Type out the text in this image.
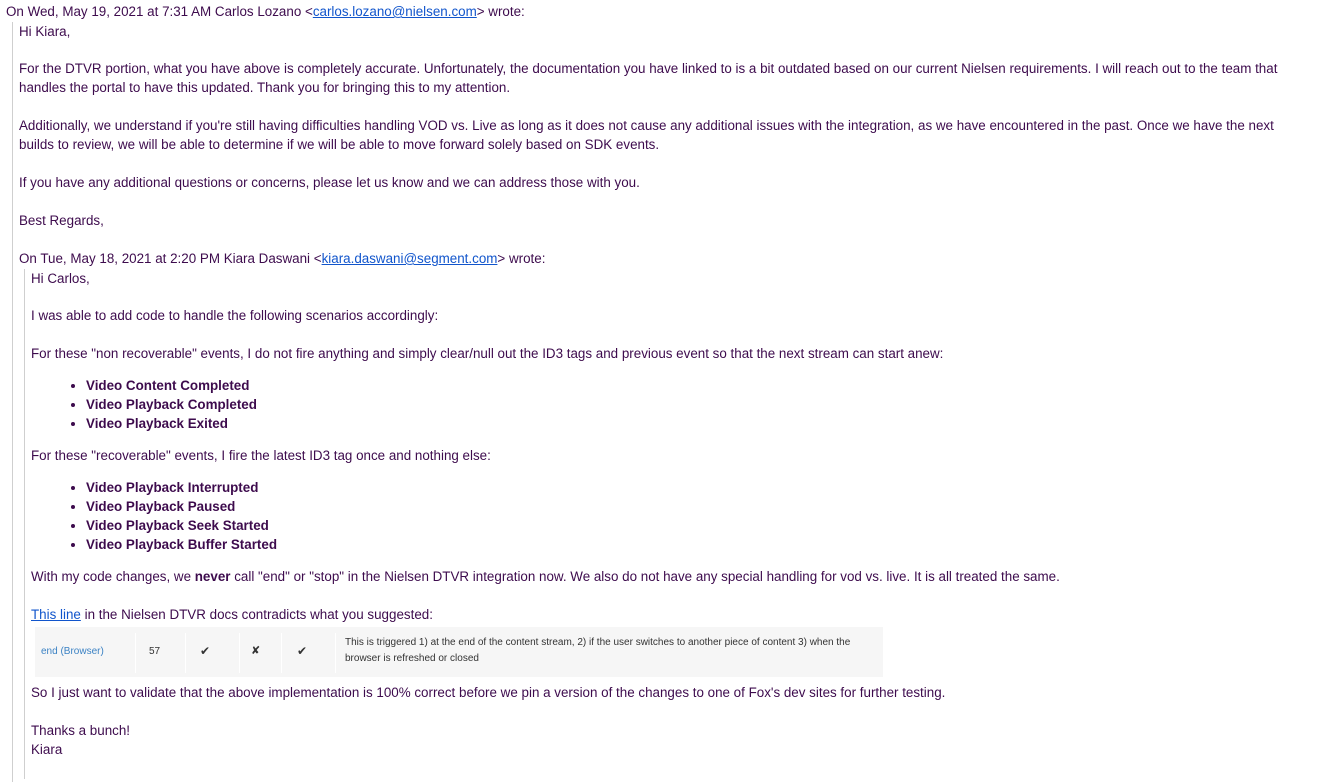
On Wed, May 19, 2021 at 7:31 AM Carlos Lozano <carlos.lozano@nielsen.com> wrote:
Hi Kiara,
For the DTVR portion, what you have above is completely accurate. Unfortunately, the documentation you have linked to is a bit outdated based on our current Nielsen requirements. I will reach out to the team that handles the portal to have this updated. Thank you for bringing this to my attention.
Additionally, we understand if you're still having difficulties handling VOD vs. Live as long as it does not cause any additional issues with the integration, as we have encountered in the past. Once we have the next builds to review, we will be able to determine if we will be able to move forward solely based on SDK events.
If you have any additional questions or concerns, please let us know and we can address those with you.
Best Regards,
On Tue, May 18, 2021 at 2:20 PM Kiara Daswani <kiara.daswani@segment.com> wrote:
Hi Carlos,
I was able to add code to handle the following scenarios accordingly:
For these "non recoverable" events, I do not fire anything and simply clear/null out the ID3 tags and previous event so that the next stream can start anew:
• Video Content Completed
• Video Playback Completed
• Video Playback Exited
For these "recoverable" events, I fire the latest ID3 tag once and nothing else:
• Video Playback Interrupted
• Video Playback Paused
• Video Playback Seek Started
• Video Playback Buffer Started
With my code changes, we never call "end" or "stop" in the Nielsen DTVR integration now. We also do not have any special handling for vod vs. live. It is all treated the same.
This line in the Nielsen DTVR docs contradicts what you suggested:
end (Browser)	57	✔	✘	✔
This is triggered 1) at the end of the content stream, 2) if the user switches to another piece of content 3) when the
browser is refreshed or closed
So I just want to validate that the above implementation is 100% correct before we pin a version of the changes to one of Fox's dev sites for further testing.
Thanks a bunch!
Kiara
